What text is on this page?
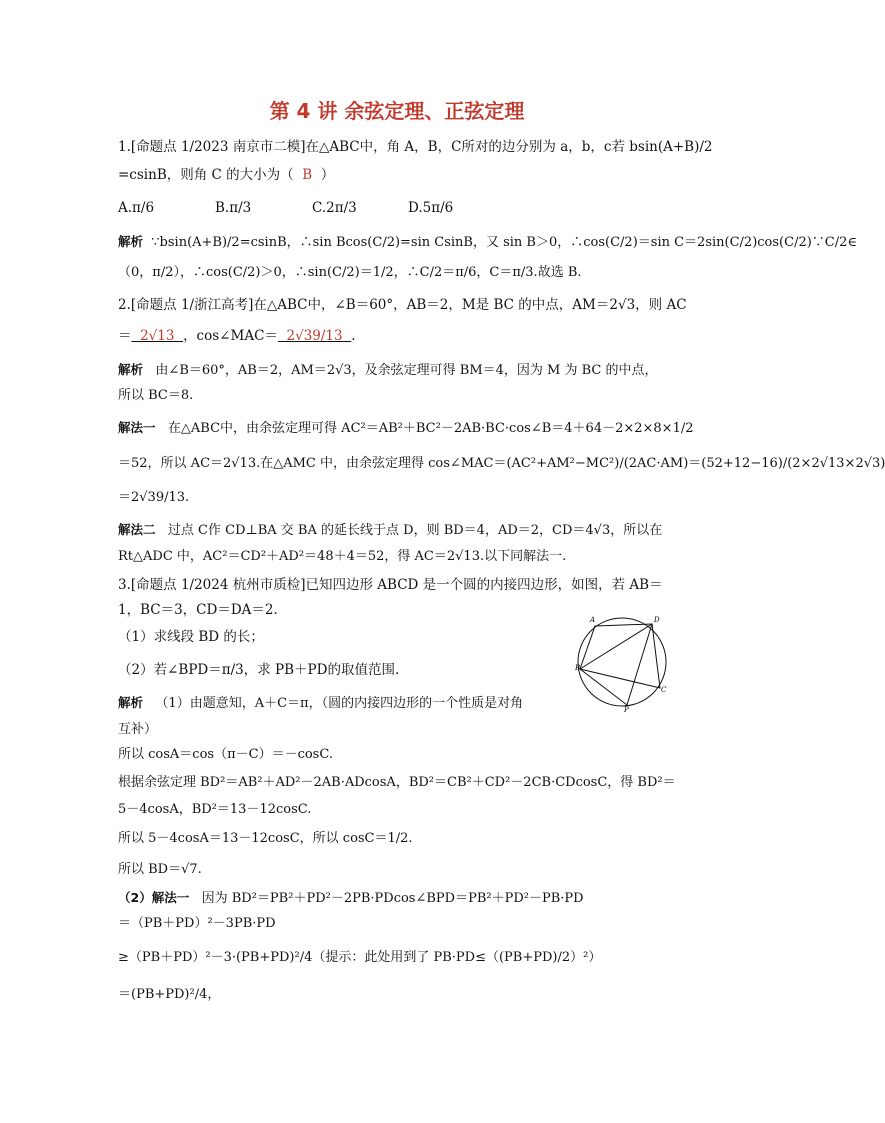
第 4 讲 余弦定理、正弦定理
1.[命题点 1/2023 南京市二模]在△ABC中，角 A，B，C所对的边分别为 a，b，c若 bsin(A+B)/2
=csinB，则角 C 的大小为（ B ）
A.π/6	B.π/3	C.2π/3	D.5π/6
解析 ∵bsin(A+B)/2=csinB，∴sin Bcos(C/2)=sin CsinB，又 sin B＞0，∴cos(C/2)＝sin C＝2sin(C/2)cos(C/2)∵C/2∈
（0，π/2），∴cos(C/2)＞0，∴sin(C/2)＝1/2，∴C/2＝π/6，C＝π/3.故选 B.
2.[命题点 1/浙江高考]在△ABC中，∠B＝60°，AB＝2，M是 BC 的中点，AM＝2√3，则 AC
＝ 2√13 ，cos∠MAC＝ 2√39/13 .
解析 由∠B＝60°，AB＝2，AM＝2√3，及余弦定理可得 BM＝4，因为 M 为 BC 的中点，
所以 BC＝8.
解法一 在△ABC中，由余弦定理可得 AC²＝AB²＋BC²－2AB·BC·cos∠B＝4＋64－2×2×8×1/2
＝52，所以 AC＝2√13.在△AMC 中，由余弦定理得 cos∠MAC＝(AC²+AM²−MC²)/(2AC·AM)＝(52+12−16)/(2×2√13×2√3)
＝2√39/13.
解法二 过点 C作 CD⊥BA 交 BA 的延长线于点 D，则 BD＝4，AD＝2，CD＝4√3，所以在
Rt△ADC 中，AC²＝CD²＋AD²＝48＋4＝52，得 AC＝2√13.以下同解法一.
3.[命题点 1/2024 杭州市质检]已知四边形 ABCD 是一个圆的内接四边形，如图，若 AB＝
1，BC＝3，CD＝DA＝2.
（1）求线段 BD 的长；
（2）若∠BPD＝π/3，求 PB＋PD的取值范围.
解析 （1）由题意知，A＋C＝π，（圆的内接四边形的一个性质是对角
互补）
所以 cosA＝cos（π－C）＝－cosC.
根据余弦定理 BD²＝AB²＋AD²－2AB·ADcosA，BD²＝CB²＋CD²－2CB·CDcosC，得 BD²＝
5－4cosA，BD²＝13－12cosC.
所以 5－4cosA＝13－12cosC，所以 cosC＝1/2.
所以 BD＝√7.
（2）解法一 因为 BD²＝PB²＋PD²－2PB·PDcos∠BPD＝PB²＋PD²－PB·PD
＝（PB＋PD）²－3PB·PD
≥（PB＋PD）²－3·(PB+PD)²/4（提示：此处用到了 PB·PD≤（(PB+PD)/2）²）
＝(PB+PD)²/4，
A	D
B
C
P
